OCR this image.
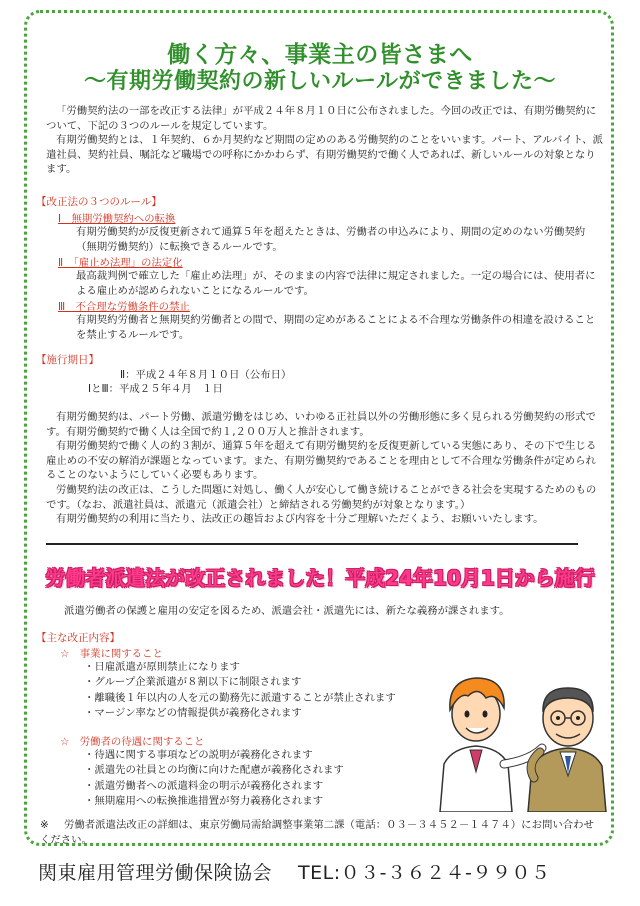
働く方々、事業主の皆さまへ
～有期労働契約の新しいルールができました～

「労働契約法の一部を改正する法律」が平成２４年８月１０日に公布されました。今回の改正では、有期労働契約について、下記の３つのルールを規定しています。

有期労働契約とは、１年契約、６か月契約など期間の定めのある労働契約のことをいいます。パート、アルバイト、派遣社員、契約社員、嘱託など職場での呼称にかかわらず、有期労働契約で働く人であれば、新しいルールの対象となります。

【改正法の３つのルール】
Ⅰ　無期労働契約への転換
有期労働契約が反復更新されて通算５年を超えたときは、労働者の申込みにより、期間の定めのない労働契約（無期労働契約）に転換できるルールです。
Ⅱ　「雇止め法理」の法定化
最高裁判例で確立した「雇止め法理」が、そのままの内容で法律に規定されました。一定の場合には、使用者による雇止めが認められないことになるルールです。
Ⅲ　不合理な労働条件の禁止
有期契約労働者と無期契約労働者との間で、期間の定めがあることによる不合理な労働条件の相違を設けることを禁止するルールです。
【施行期日】
Ⅱ：平成２４年８月１０日（公布日）
ⅠとⅢ：平成２５年４月　１日

有期労働契約は、パート労働、派遣労働をはじめ、いわゆる正社員以外の労働形態に多く見られる労働契約の形式です。有期労働契約で働く人は全国で約１,２００万人と推計されます。

有期労働契約で働く人の約３割が、通算５年を超えて有期労働契約を反復更新している実態にあり、その下で生じる雇止めの不安の解消が課題となっています。また、有期労働契約であることを理由として不合理な労働条件が定められることのないようにしていく必要もあります。

労働契約法の改正は、こうした問題に対処し、働く人が安心して働き続けることができる社会を実現するためのものです。（なお、派遣社員は、派遣元（派遣会社）と締結される労働契約が対象となります。）

有期労働契約の利用に当たり、法改正の趣旨および内容を十分ご理解いただくよう、お願いいたします。

労働者派遣法が改正されました！平成24年10月1日から施行
派遣労働者の保護と雇用の安定を図るため、派遣会社・派遣先には、新たな義務が課されます。
【主な改正内容】
☆　事業に関すること
・日雇派遣が原則禁止になります
・グループ企業派遣が８割以下に制限されます
・離職後１年以内の人を元の勤務先に派遣することが禁止されます
・マージン率などの情報提供が義務化されます
☆　労働者の待遇に関すること
・待遇に関する事項などの説明が義務化されます
・派遣先の社員との均衡に向けた配慮が義務化されます
・派遣労働者への派遣料金の明示が義務化されます
・無期雇用への転換推進措置が努力義務化されます
※ 労働者派遣法改正の詳細は、東京労働局需給調整事業第二課（電話：０３－３４５２－１４７４）にお問い合わせください。
関東雇用管理労働保険協会 TEL:０３-３６２４-９９０５
